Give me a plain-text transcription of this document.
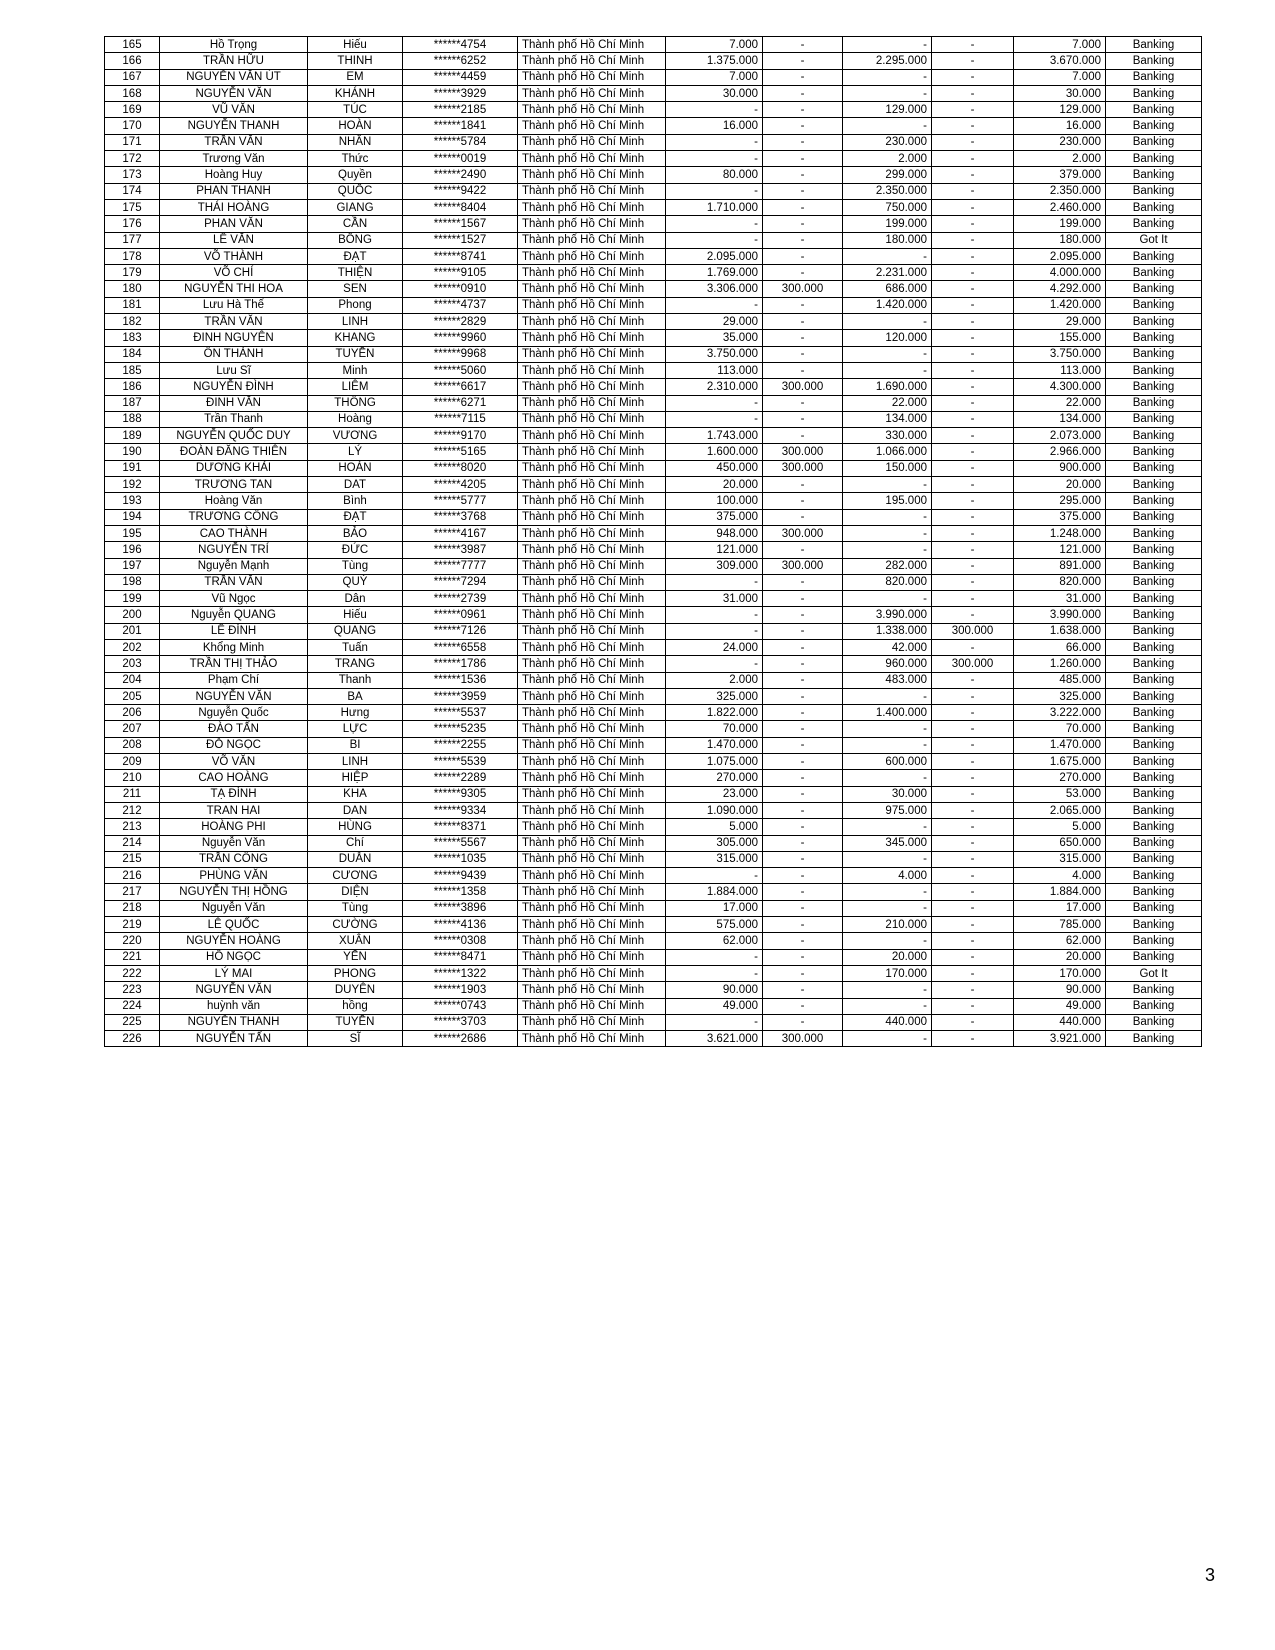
165	Hồ Trọng	Hiếu	******4754	Thành phố Hồ Chí Minh	7.000	-	-	-	7.000	Banking
166	TRẦN HỮU	THINH	******6252	Thành phố Hồ Chí Minh	1.375.000	-	2.295.000	-	3.670.000	Banking
167	NGUYỄN VĂN ÚT	EM	******4459	Thành phố Hồ Chí Minh	7.000	-	-	-	7.000	Banking
168	NGUYỄN VĂN	KHÁNH	******3929	Thành phố Hồ Chí Minh	30.000	-	-	-	30.000	Banking
169	VŨ VĂN	TÚC	******2185	Thành phố Hồ Chí Minh	-	-	129.000	-	129.000	Banking
170	NGUYỄN THANH	HOÀN	******1841	Thành phố Hồ Chí Minh	16.000	-	-	-	16.000	Banking
171	TRẦN VĂN	NHÂN	******5784	Thành phố Hồ Chí Minh	-	-	230.000	-	230.000	Banking
172	Trương Văn	Thức	******0019	Thành phố Hồ Chí Minh	-	-	2.000	-	2.000	Banking
173	Hoàng Huy	Quyền	******2490	Thành phố Hồ Chí Minh	80.000	-	299.000	-	379.000	Banking
174	PHAN THANH	QUỐC	******9422	Thành phố Hồ Chí Minh	-	-	2.350.000	-	2.350.000	Banking
175	THÁI HOÀNG	GIANG	******8404	Thành phố Hồ Chí Minh	1.710.000	-	750.000	-	2.460.000	Banking
176	PHAN VĂN	CẦN	******1567	Thành phố Hồ Chí Minh	-	-	199.000	-	199.000	Banking
177	LÊ VĂN	BỒNG	******1527	Thành phố Hồ Chí Minh	-	-	180.000	-	180.000	Got It
178	VÕ THÀNH	ĐẠT	******8741	Thành phố Hồ Chí Minh	2.095.000	-	-	-	2.095.000	Banking
179	VÕ CHÍ	THIỆN	******9105	Thành phố Hồ Chí Minh	1.769.000	-	2.231.000	-	4.000.000	Banking
180	NGUYỄN THI HOA	SEN	******0910	Thành phố Hồ Chí Minh	3.306.000	300.000	686.000	-	4.292.000	Banking
181	Lưu Hà Thế	Phong	******4737	Thành phố Hồ Chí Minh	-	-	1.420.000	-	1.420.000	Banking
182	TRẦN VĂN	LINH	******2829	Thành phố Hồ Chí Minh	29.000	-	-	-	29.000	Banking
183	ĐINH NGUYÊN	KHANG	******9960	Thành phố Hồ Chí Minh	35.000	-	120.000	-	155.000	Banking
184	ÔN THÀNH	TUYỀN	******9968	Thành phố Hồ Chí Minh	3.750.000	-	-	-	3.750.000	Banking
185	Lưu Sĩ	Minh	******5060	Thành phố Hồ Chí Minh	113.000	-	-	-	113.000	Banking
186	NGUYỄN ĐÌNH	LIÊM	******6617	Thành phố Hồ Chí Minh	2.310.000	300.000	1.690.000	-	4.300.000	Banking
187	ĐINH VĂN	THÔNG	******6271	Thành phố Hồ Chí Minh	-	-	22.000	-	22.000	Banking
188	Trần Thanh	Hoàng	******7115	Thành phố Hồ Chí Minh	-	-	134.000	-	134.000	Banking
189	NGUYỄN QUỐC DUY	VƯƠNG	******9170	Thành phố Hồ Chí Minh	1.743.000	-	330.000	-	2.073.000	Banking
190	ĐOÀN ĐĂNG THIÊN	LÝ	******5165	Thành phố Hồ Chí Minh	1.600.000	300.000	1.066.000	-	2.966.000	Banking
191	DƯƠNG KHẢI	HOÀN	******8020	Thành phố Hồ Chí Minh	450.000	300.000	150.000	-	900.000	Banking
192	TRƯƠNG TAN	DAT	******4205	Thành phố Hồ Chí Minh	20.000	-	-	-	20.000	Banking
193	Hoàng Văn	Bình	******5777	Thành phố Hồ Chí Minh	100.000	-	195.000	-	295.000	Banking
194	TRƯƠNG CÔNG	ĐẠT	******3768	Thành phố Hồ Chí Minh	375.000	-	-	-	375.000	Banking
195	CAO THÀNH	BẢO	******4167	Thành phố Hồ Chí Minh	948.000	300.000	-	-	1.248.000	Banking
196	NGUYỄN TRÍ	ĐỨC	******3987	Thành phố Hồ Chí Minh	121.000	-	-	-	121.000	Banking
197	Nguyễn Mạnh	Tùng	******7777	Thành phố Hồ Chí Minh	309.000	300.000	282.000	-	891.000	Banking
198	TRẦN VĂN	QUÝ	******7294	Thành phố Hồ Chí Minh	-	-	820.000	-	820.000	Banking
199	Vũ Ngọc	Dân	******2739	Thành phố Hồ Chí Minh	31.000	-	-	-	31.000	Banking
200	Nguyễn QUANG	Hiếu	******0961	Thành phố Hồ Chí Minh	-	-	3.990.000	-	3.990.000	Banking
201	LÊ ĐÌNH	QUANG	******7126	Thành phố Hồ Chí Minh	-	-	1.338.000	300.000	1.638.000	Banking
202	Khổng Minh	Tuấn	******6558	Thành phố Hồ Chí Minh	24.000	-	42.000	-	66.000	Banking
203	TRẦN THỊ THẢO	TRANG	******1786	Thành phố Hồ Chí Minh	-	-	960.000	300.000	1.260.000	Banking
204	Phạm Chí	Thanh	******1536	Thành phố Hồ Chí Minh	2.000	-	483.000	-	485.000	Banking
205	NGUYỄN VĂN	BA	******3959	Thành phố Hồ Chí Minh	325.000	-	-	-	325.000	Banking
206	Nguyễn Quốc	Hưng	******5537	Thành phố Hồ Chí Minh	1.822.000	-	1.400.000	-	3.222.000	Banking
207	ĐÀO TẤN	LỰC	******5235	Thành phố Hồ Chí Minh	70.000	-	-	-	70.000	Banking
208	ĐỖ NGỌC	BI	******2255	Thành phố Hồ Chí Minh	1.470.000	-	-	-	1.470.000	Banking
209	VÕ VĂN	LINH	******5539	Thành phố Hồ Chí Minh	1.075.000	-	600.000	-	1.675.000	Banking
210	CAO HOÀNG	HIỆP	******2289	Thành phố Hồ Chí Minh	270.000	-	-	-	270.000	Banking
211	TẠ ĐÌNH	KHA	******9305	Thành phố Hồ Chí Minh	23.000	-	30.000	-	53.000	Banking
212	TRAN HAI	DAN	******9334	Thành phố Hồ Chí Minh	1.090.000	-	975.000	-	2.065.000	Banking
213	HOÀNG PHI	HÙNG	******8371	Thành phố Hồ Chí Minh	5.000	-	-	-	5.000	Banking
214	Nguyễn Văn	Chí	******5567	Thành phố Hồ Chí Minh	305.000	-	345.000	-	650.000	Banking
215	TRẦN CÔNG	DUẪN	******1035	Thành phố Hồ Chí Minh	315.000	-	-	-	315.000	Banking
216	PHÙNG VĂN	CƯƠNG	******9439	Thành phố Hồ Chí Minh	-	-	4.000	-	4.000	Banking
217	NGUYỄN THỊ HỒNG	DIỆN	******1358	Thành phố Hồ Chí Minh	1.884.000	-	-	-	1.884.000	Banking
218	Nguyễn Văn	Tùng	******3896	Thành phố Hồ Chí Minh	17.000	-	-	-	17.000	Banking
219	LÊ QUỐC	CƯỜNG	******4136	Thành phố Hồ Chí Minh	575.000	-	210.000	-	785.000	Banking
220	NGUYỄN HOÀNG	XUÂN	******0308	Thành phố Hồ Chí Minh	62.000	-	-	-	62.000	Banking
221	HỒ NGỌC	YẾN	******8471	Thành phố Hồ Chí Minh	-	-	20.000	-	20.000	Banking
222	LÝ MAI	PHONG	******1322	Thành phố Hồ Chí Minh	-	-	170.000	-	170.000	Got It
223	NGUYỄN VĂN	DUYÊN	******1903	Thành phố Hồ Chí Minh	90.000	-	-	-	90.000	Banking
224	huỳnh văn	hồng	******0743	Thành phố Hồ Chí Minh	49.000	-	-	-	49.000	Banking
225	NGUYỄN THANH	TUYỀN	******3703	Thành phố Hồ Chí Minh	-	-	440.000	-	440.000	Banking
226	NGUYỄN TẤN	SĨ	******2686	Thành phố Hồ Chí Minh	3.621.000	300.000	-	-	3.921.000	Banking
3
